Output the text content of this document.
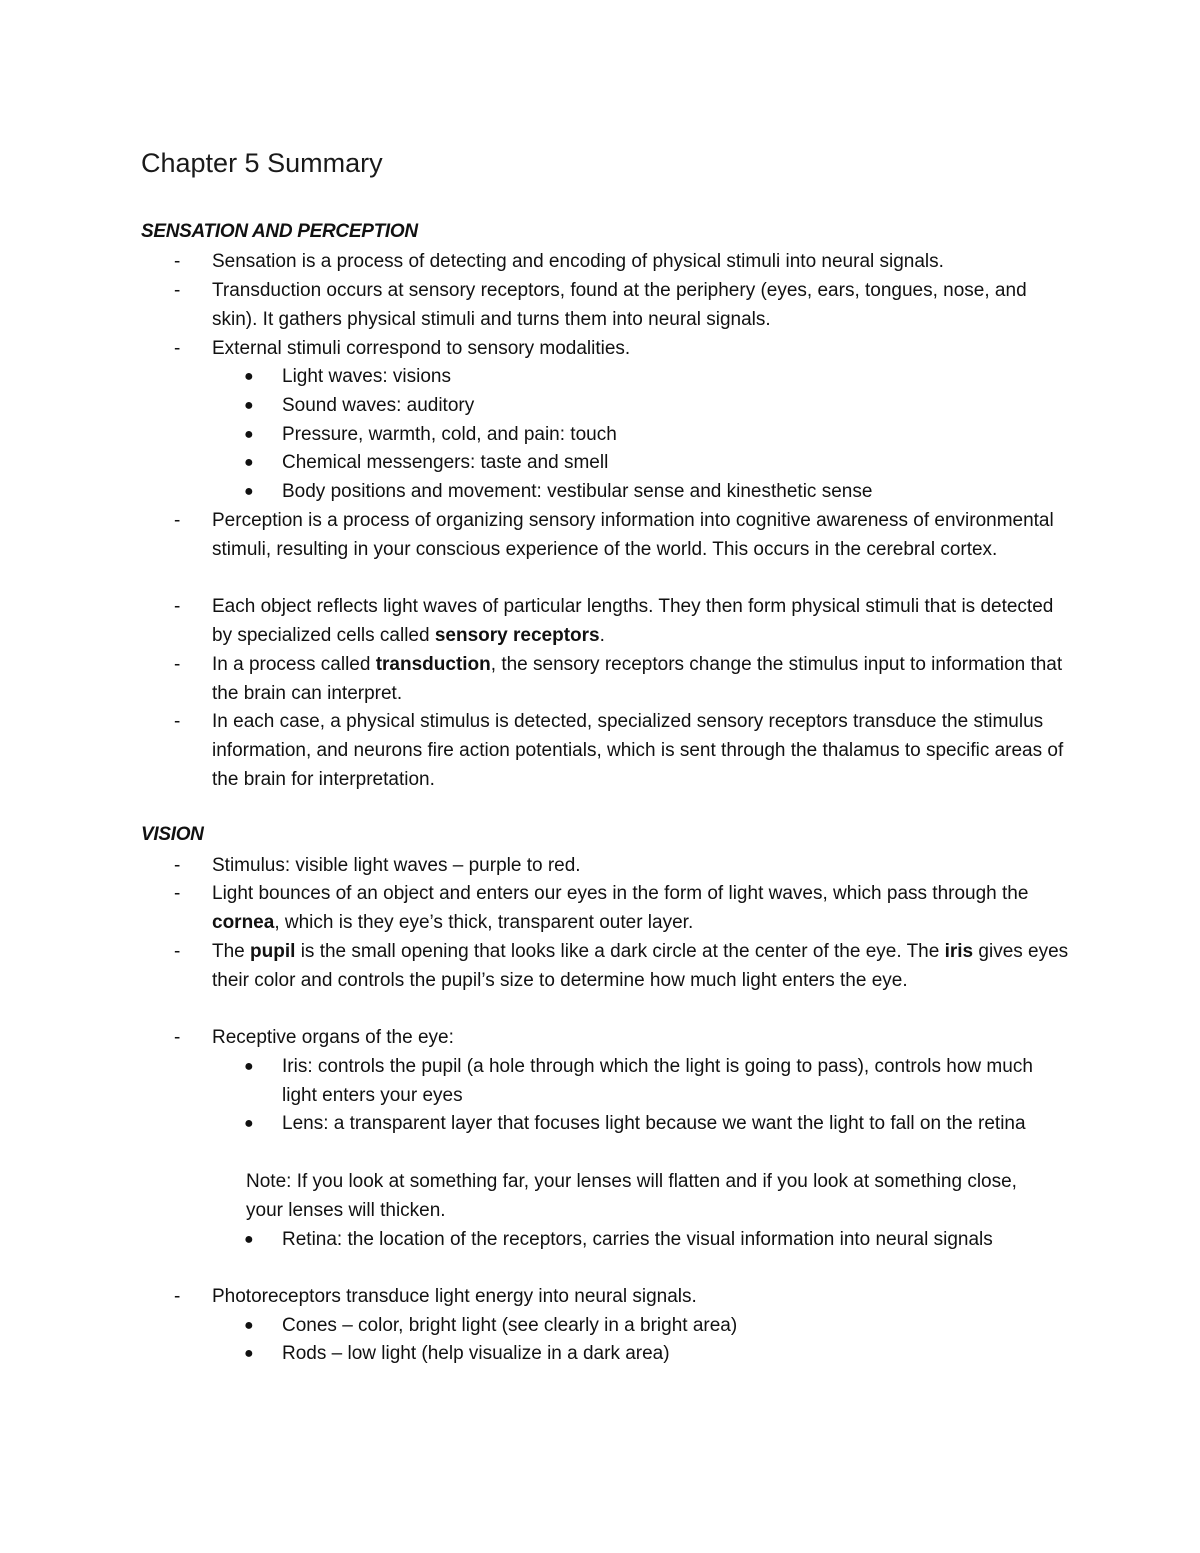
Chapter 5 Summary
SENSATION AND PERCEPTION
- Sensation is a process of detecting and encoding of physical stimuli into neural signals.
- Transduction occurs at sensory receptors, found at the periphery (eyes, ears, tongues, nose, and skin). It gathers physical stimuli and turns them into neural signals.
- External stimuli correspond to sensory modalities.
● Light waves: visions
● Sound waves: auditory
● Pressure, warmth, cold, and pain: touch
● Chemical messengers: taste and smell
● Body positions and movement: vestibular sense and kinesthetic sense
- Perception is a process of organizing sensory information into cognitive awareness of environmental stimuli, resulting in your conscious experience of the world. This occurs in the cerebral cortex.
- Each object reflects light waves of particular lengths. They then form physical stimuli that is detected by specialized cells called sensory receptors.
- In a process called transduction, the sensory receptors change the stimulus input to information that the brain can interpret.
- In each case, a physical stimulus is detected, specialized sensory receptors transduce the stimulus information, and neurons fire action potentials, which is sent through the thalamus to specific areas of the brain for interpretation.
VISION
- Stimulus: visible light waves – purple to red.
- Light bounces of an object and enters our eyes in the form of light waves, which pass through the cornea, which is they eye’s thick, transparent outer layer.
- The pupil is the small opening that looks like a dark circle at the center of the eye. The iris gives eyes their color and controls the pupil’s size to determine how much light enters the eye.
- Receptive organs of the eye:
● Iris: controls the pupil (a hole through which the light is going to pass), controls how much light enters your eyes
● Lens: a transparent layer that focuses light because we want the light to fall on the retina
Note: If you look at something far, your lenses will flatten and if you look at something close, your lenses will thicken.
● Retina: the location of the receptors, carries the visual information into neural signals
- Photoreceptors transduce light energy into neural signals.
● Cones – color, bright light (see clearly in a bright area)
● Rods – low light (help visualize in a dark area)
